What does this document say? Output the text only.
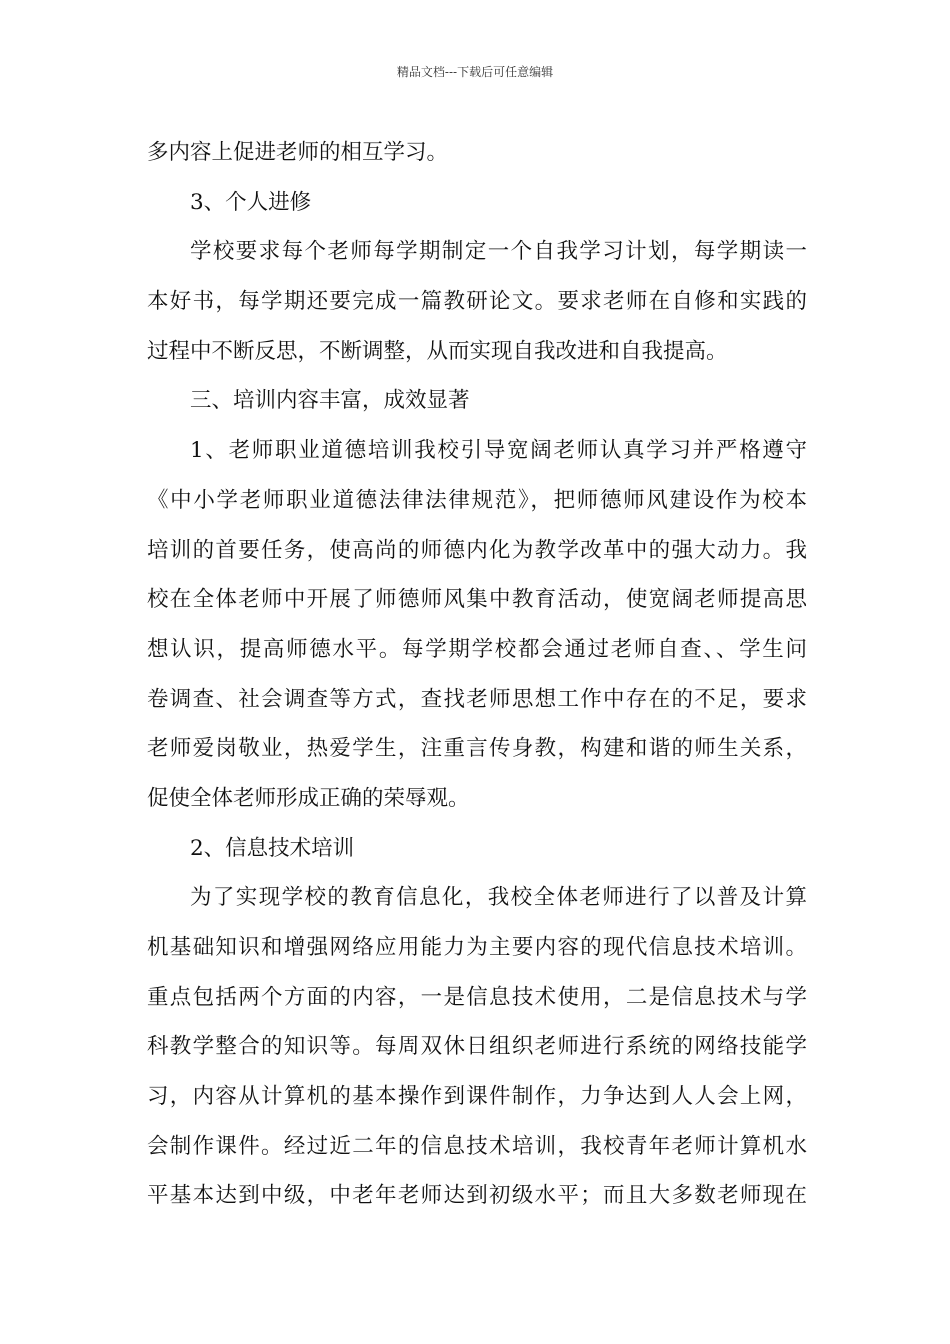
精品文档---下载后可任意编辑
多内容上促进老师的相互学习。
3、个人进修
学校要求每个老师每学期制定一个自我学习计划，每学期读一
本好书，每学期还要完成一篇教研论文。要求老师在自修和实践的
过程中不断反思，不断调整，从而实现自我改进和自我提高。
三、培训内容丰富，成效显著
1、老师职业道德培训我校引导宽阔老师认真学习并严格遵守
《中小学老师职业道德法律法律规范》，把师德师风建设作为校本
培训的首要任务，使高尚的师德内化为教学改革中的强大动力。我
校在全体老师中开展了师德师风集中教育活动，使宽阔老师提高思
想认识，提高师德水平。每学期学校都会通过老师自查、、学生问
卷调查、社会调查等方式，查找老师思想工作中存在的不足，要求
老师爱岗敬业，热爱学生，注重言传身教，构建和谐的师生关系，
促使全体老师形成正确的荣辱观。
2、信息技术培训
为了实现学校的教育信息化，我校全体老师进行了以普及计算
机基础知识和增强网络应用能力为主要内容的现代信息技术培训。
重点包括两个方面的内容，一是信息技术使用，二是信息技术与学
科教学整合的知识等。每周双休日组织老师进行系统的网络技能学
习，内容从计算机的基本操作到课件制作，力争达到人人会上网，
会制作课件。经过近二年的信息技术培训，我校青年老师计算机水
平基本达到中级，中老年老师达到初级水平；而且大多数老师现在
